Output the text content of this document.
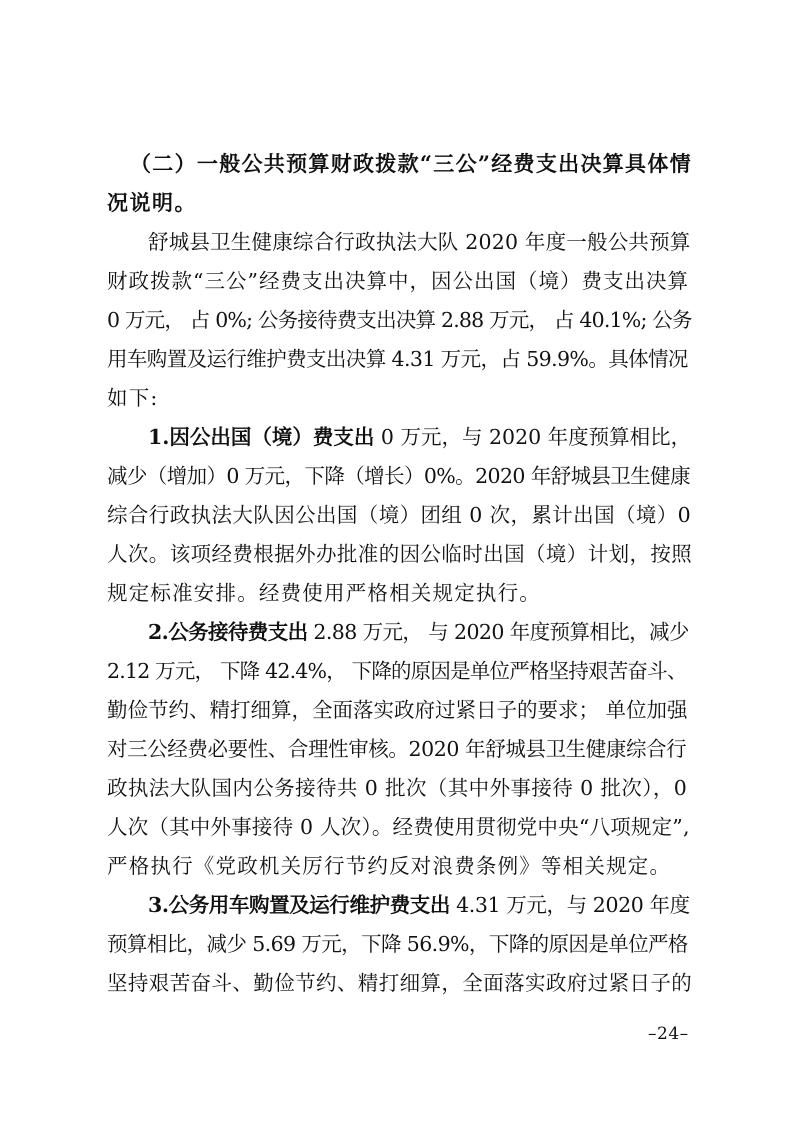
（二）一般公共预算财政拨款“三公”经费支出决算具体情
况说明。
舒城县卫生健康综合行政执法大队 2020 年度一般公共预算
财政拨款“三公”经费支出决算中，因公出国（境）费支出决算
0 万元， 占 0%; 公务接待费支出决算 2.88 万元， 占 40.1%; 公务
用车购置及运行维护费支出决算 4.31 万元，占 59.9%。具体情况
如下:
1.因公出国（境）费支出 0 万元，与 2020 年度预算相比，
减少（增加）0 万元，下降（增长）0%。2020 年舒城县卫生健康
综合行政执法大队因公出国（境）团组 0 次，累计出国（境）0
人次。该项经费根据外办批准的因公临时出国（境）计划，按照
规定标准安排。经费使用严格相关规定执行。
2.公务接待费支出 2.88 万元， 与 2020 年度预算相比，减少
2.12 万元， 下降 42.4%， 下降的原因是单位严格坚持艰苦奋斗、
勤俭节约、精打细算，全面落实政府过紧日子的要求； 单位加强
对三公经费必要性、合理性审核。2020 年舒城县卫生健康综合行
政执法大队国内公务接待共 0 批次（其中外事接待 0 批次），0
人次（其中外事接待 0 人次）。经费使用贯彻党中央“八项规定”,
严格执行《党政机关厉行节约反对浪费条例》等相关规定。
3.公务用车购置及运行维护费支出 4.31 万元，与 2020 年度
预算相比，减少 5.69 万元，下降 56.9%，下降的原因是单位严格
坚持艰苦奋斗、勤俭节约、精打细算，全面落实政府过紧日子的
–24–
